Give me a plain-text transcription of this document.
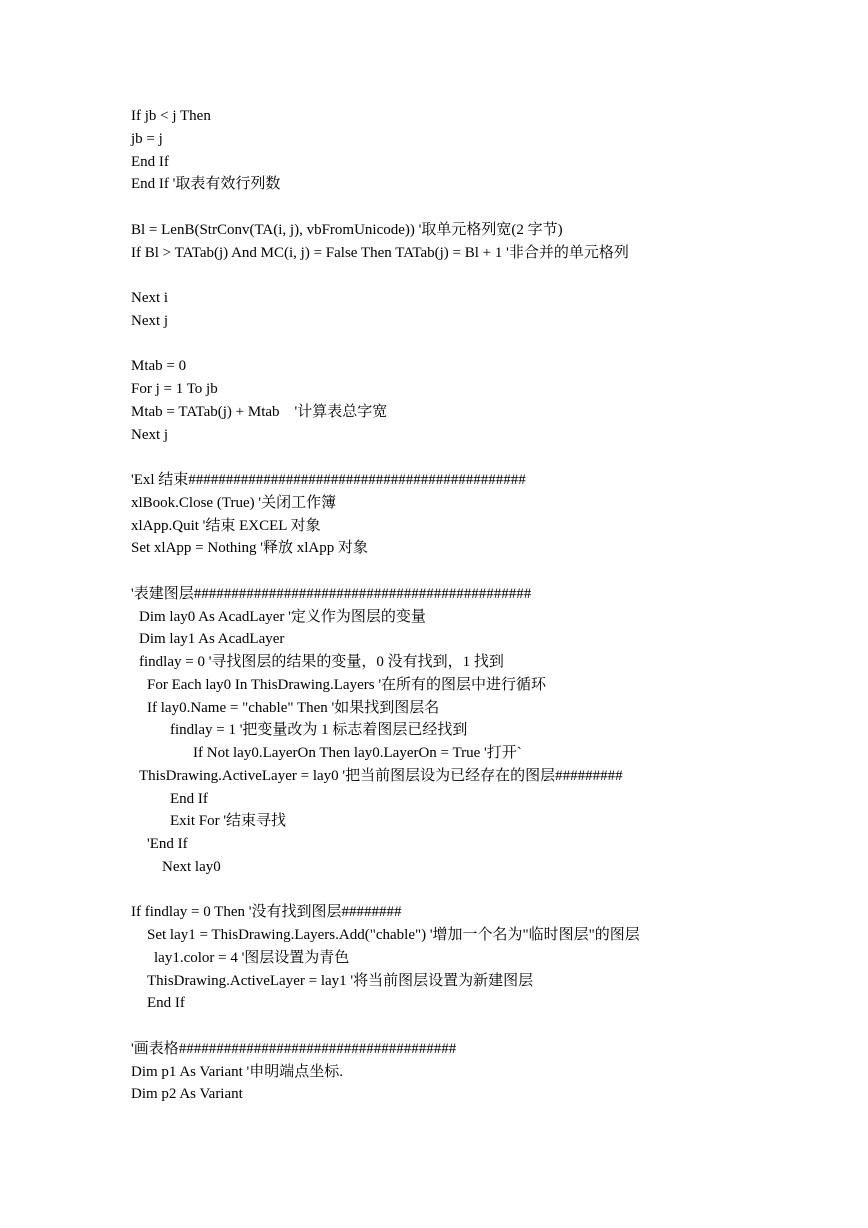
If jb < j Then
jb = j
End If
End If '取表有效行列数
Bl = LenB(StrConv(TA(i, j), vbFromUnicode)) '取单元格列宽(2 字节)
If Bl > TATab(j) And MC(i, j) = False Then TATab(j) = Bl + 1 '非合并的单元格列
Next i
Next j
Mtab = 0
For j = 1 To jb
Mtab = TATab(j) + Mtab    '计算表总字宽
Next j
'Exl 结束#############################################
xlBook.Close (True) '关闭工作簿
xlApp.Quit '结束 EXCEL 对象
Set xlApp = Nothing '释放 xlApp 对象
'表建图层#############################################
Dim lay0 As AcadLayer '定义作为图层的变量
Dim lay1 As AcadLayer
findlay = 0 '寻找图层的结果的变量，0 没有找到，1 找到
For Each lay0 In ThisDrawing.Layers '在所有的图层中进行循环
If lay0.Name = "chable" Then '如果找到图层名
findlay = 1 '把变量改为 1 标志着图层已经找到
If Not lay0.LayerOn Then lay0.LayerOn = True '打开`
ThisDrawing.ActiveLayer = lay0 '把当前图层设为已经存在的图层#########
End If
Exit For '结束寻找
'End If
Next lay0
If findlay = 0 Then '没有找到图层########
Set lay1 = ThisDrawing.Layers.Add("chable") '增加一个名为"临时图层"的图层
lay1.color = 4 '图层设置为青色
ThisDrawing.ActiveLayer = lay1 '将当前图层设置为新建图层
End If
'画表格#####################################
Dim p1 As Variant '申明端点坐标.
Dim p2 As Variant
